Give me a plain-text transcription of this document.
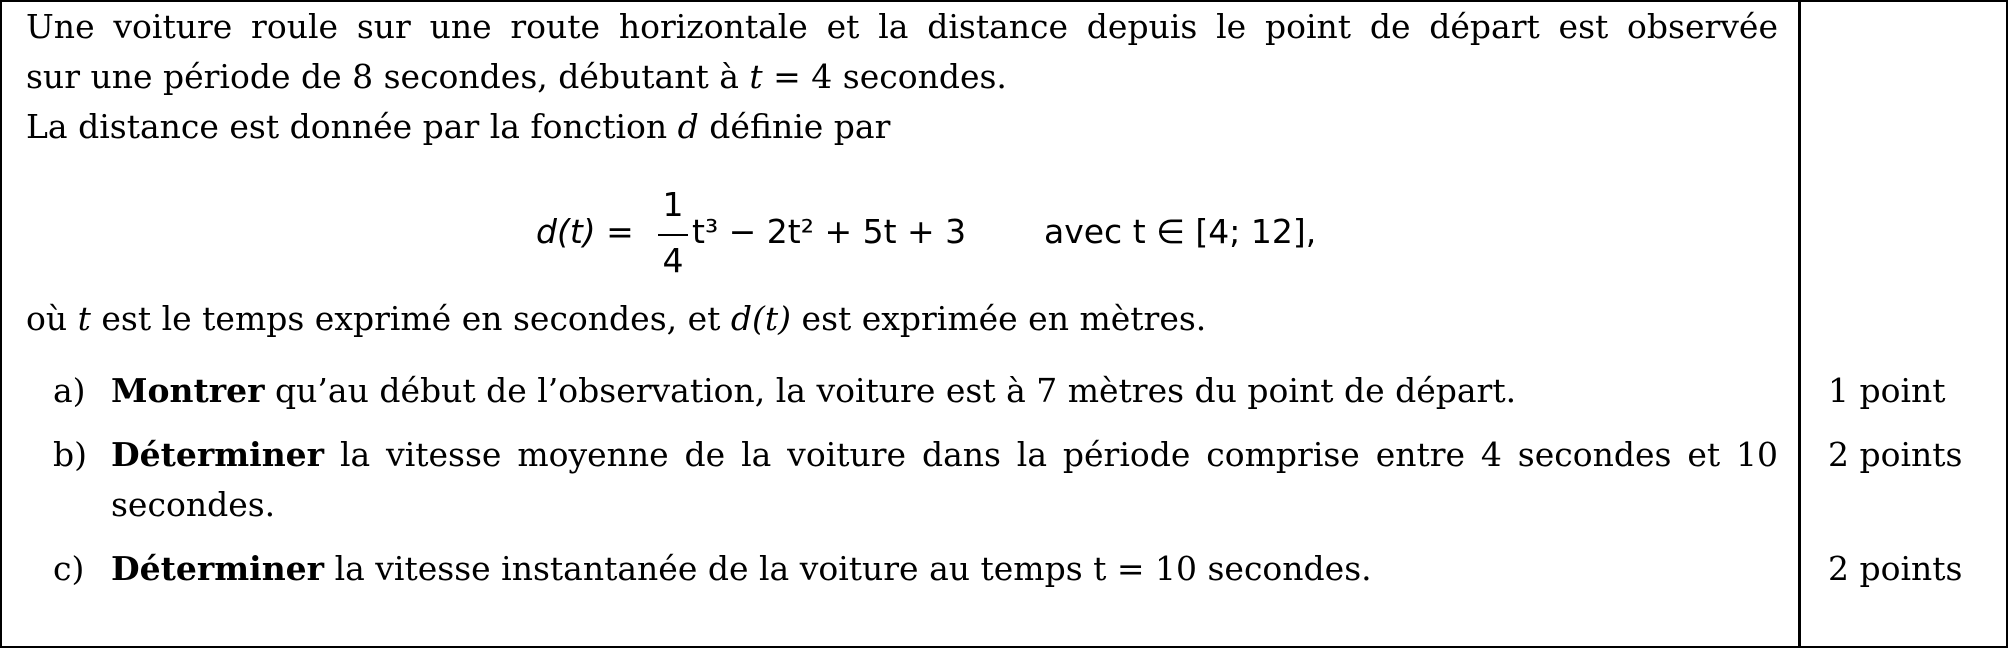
Une voiture roule sur une route horizontale et la distance depuis le point de départ est observée
sur une période de 8 secondes, débutant à t = 4 secondes.
La distance est donnée par la fonction d définie par
d(t) =
1
4
t³ − 2t² + 5t + 3 avec t ∈ [4; 12],
où t est le temps exprimé en secondes, et d(t) est exprimée en mètres.
a) Montrer qu’au début de l’observation, la voiture est à 7 mètres du point de départ.
b) Déterminer la vitesse moyenne de la voiture dans la période comprise entre 4 secondes et 10 secondes.
c) Déterminer la vitesse instantanée de la voiture au temps t = 10 secondes.
1 point
2 points
2 points
